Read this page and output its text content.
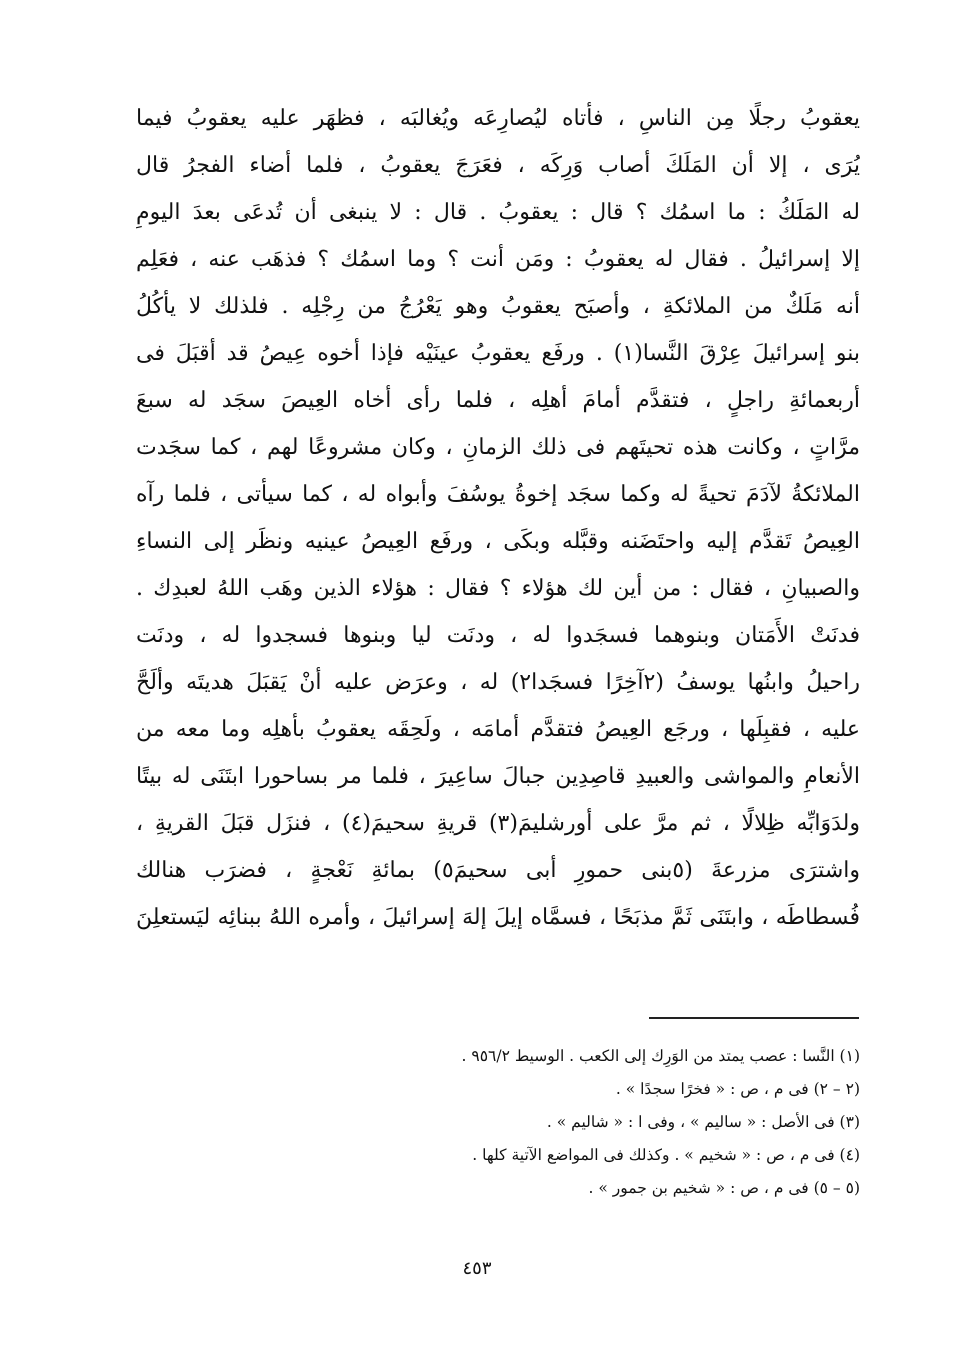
يعقوبُ رجلًا مِن الناسِ ، فأتاه ليُصارِعَه ويُغالبَه ، فظهَر عليه يعقوبُ فيما
يُرَى ، إلا أن المَلَكَ أصاب وَرِكَه ، فعَرَجَ يعقوبُ ، فلما أضاء الفجرُ قال
له المَلَكُ : ما اسمُك ؟ قال : يعقوبُ . قال : لا ينبغى أن تُدعَى بعدَ اليومِ
إلا إسرائيلُ . فقال له يعقوبُ : ومَن أنت ؟ وما اسمُك ؟ فذهَب عنه ، فعَلِم
أنه مَلَكٌ من الملائكةِ ، وأصبَح يعقوبُ وهو يَعْرُجُ من رِجْلِه . فلذلك لا يأكُلُ
بنو إسرائيلَ عِرْقَ النَّسا(١) . ورفَع يعقوبُ عينَيْه فإذا أخوه عِيصُ قد أقبَلَ فى
أربعمائةِ راجلٍ ، فتقدَّم أمامَ أهلِه ، فلما رأى أخاه العِيصَ سجَد له سبعَ
مرَّاتٍ ، وكانت هذه تحيتَهم فى ذلك الزمانِ ، وكان مشروعًا لهم ، كما سجَدت
الملائكةُ لآدَمَ تحيةً له وكما سجَد إخوةُ يوسُفَ وأبواه له ، كما سيأتى ، فلما رآه
العِيصُ تَقدَّم إليه واحتَضَنه وقبَّله وبكَى ، ورفَع العِيصُ عينيه ونظَر إلى النساءِ
والصبيانِ ، فقال : من أين لك هؤلاء ؟ فقال : هؤلاء الذين وهَب اللهُ لعبدِك .
فدنَتْ الأَمَتان وبنوهما فسجَدوا له ، ودنَت ليا وبنوها فسجدوا له ، ودنَت
راحيلُ وابنُها يوسفُ (٢آخِرًا فسجَدا٢) له ، وعرَض عليه أنْ يَقبَلَ هديتَه وألَحَّ
عليه ، فقبِلَها ، ورجَع العِيصُ فتقدَّم أمامَه ، ولَحِقَه يعقوبُ بأهلِه وما معه من
الأنعامِ والمواشى والعبيدِ قاصِدِين جبالَ ساعِيرَ ، فلما مر بساحورا ابتَنَى له بيتًا
ولدَوَابِّه ظِلالًا ، ثم مرَّ على أورشليمَ(٣) قريةِ سحيمَ(٤) ، فنزَل قبَلَ القريةِ ،
واشترَى مزرعةَ (٥بنى حمورِ أبى سحيمَ٥) بمائةِ نَعْجةٍ ، فضرَب هنالك
فُسطاطَه ، وابتَنَى ثَمَّ مذبَحًا ، فسمَّاه إيلَ إلهَ إسرائيلَ ، وأمره اللهُ ببنائِه ليَستعلِنَ
(١) النَّسا : عصب يمتد من الوَرِك إلى الكعب . الوسيط ٩٥٦/٢ .
(٢ – ٢) فى م ، ص : « فخرًا سجدًا » .
(٣) فى الأصل : « ساليم » ، وفى ا : « شاليم » .
(٤) فى م ، ص : « شخيم » . وكذلك فى المواضع الآتية كلها .
(٥ – ٥) فى م ، ص : « شخيم بن جمور » .
٤٥٣
